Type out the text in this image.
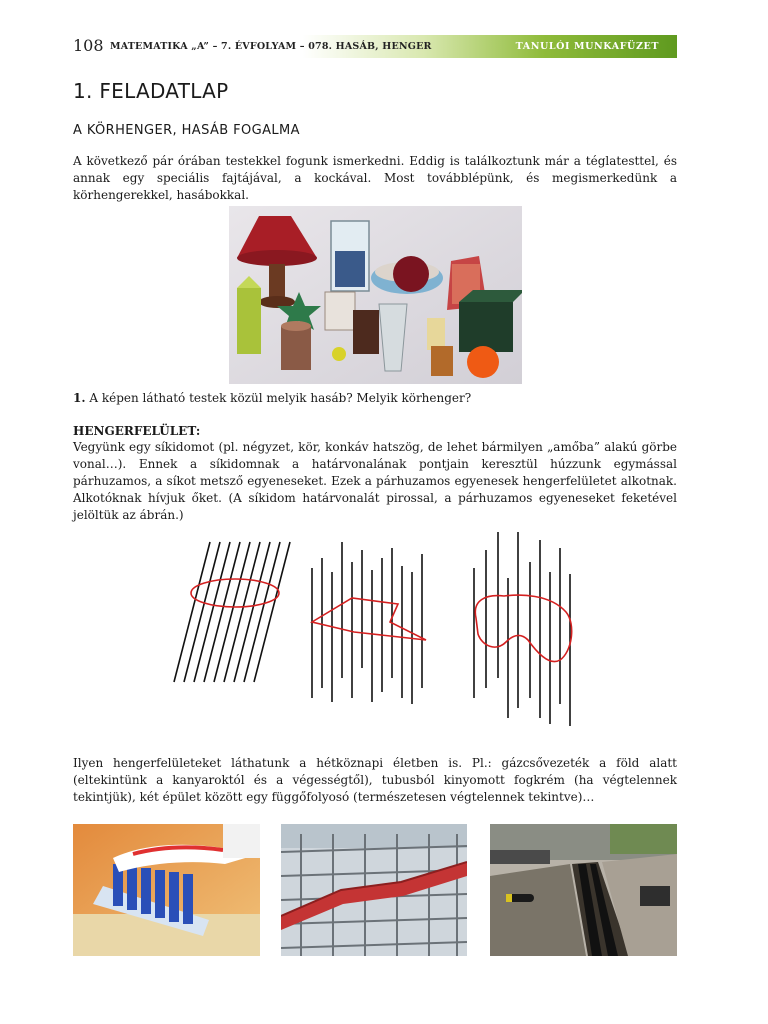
108 MATEMATIKA „A” – 7. ÉVFOLYAM – 078. HASÁB, HENGER	TANULÓI MUNKAFÜZET
1. FELADATLAP
A KÖRHENGER, HASÁB FOGALMA

A következő pár órában testekkel fogunk ismerkedni. Eddig is találkoztunk már a téglatesttel, és annak egy speciális fajtájával, a kockával. Most továbblépünk, és megismerkedünk a körhengerekkel, hasábokkal.

1. A képen látható testek közül melyik hasáb? Melyik körhenger?
HENGERFELÜLET:

Vegyünk egy síkidomot (pl. négyzet, kör, konkáv hatszög, de lehet bármilyen „amőba” alakú görbe vonal…). Ennek a síkidomnak a határvonalának pontjain keresztül húzzunk egymással párhuzamos, a síkot metsző egyeneseket. Ezek a párhuzamos egyenesek hengerfelületet alkotnak. Alkotóknak hívjuk őket. (A síkidom határvonalát pirossal, a párhuzamos egyeneseket feketével jelöltük az ábrán.)

Ilyen hengerfelületeket láthatunk a hétköznapi életben is. Pl.: gázcsővezeték a föld alatt (eltekintünk a kanyaroktól és a végességtől), tubusból kinyomott fogkrém (ha végtelennek tekintjük), két épület között egy függőfolyosó (természetesen végtelennek tekintve)…
